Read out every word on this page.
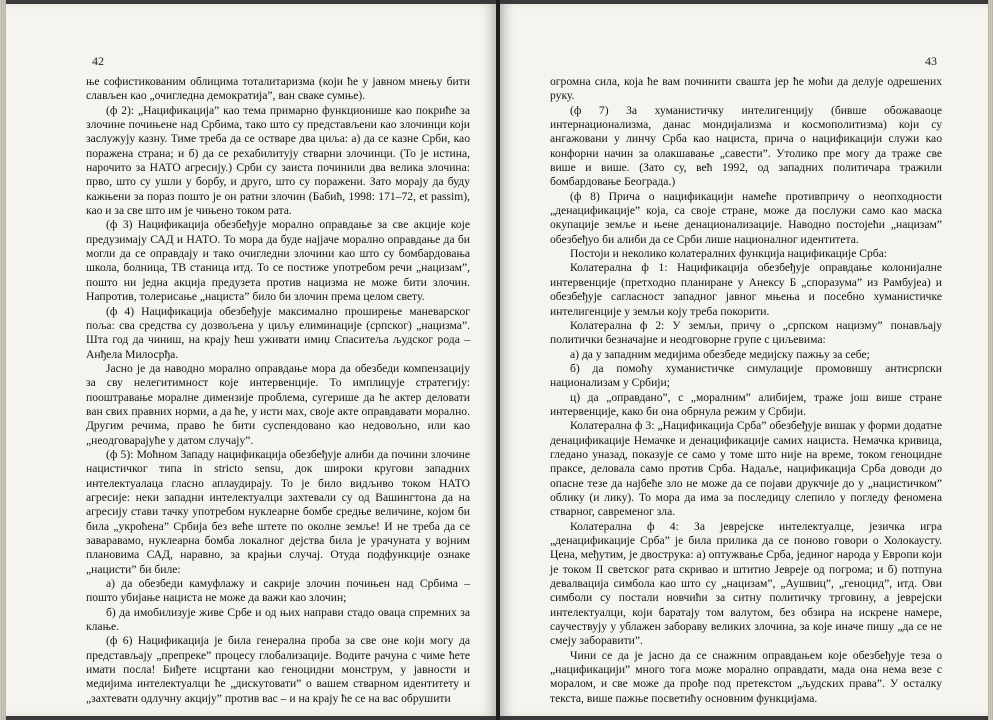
42

ње софистикованим облицима тоталитаризма (који ће у јавном мнењу бити слављен као „очигледна демократија”, ван сваке сумње).

(ф 2): „Нацификација” као тема примарно функционише као покриће за злочине почињене над Србима, тако што су представљени као злочинци који заслужују казну. Тиме треба да се остваре два циља: а) да се казне Срби, као поражена страна; и б) да се рехабилитују стварни злочинци. (То је истина, нарочито за НАТО агресију.) Срби су заиста починили два велика злочина: прво, што су ушли у борбу, и друго, што су поражени. Зато морају да буду кажњени за пораз пошто је он ратни злочин (Бабић, 1998: 171–72, et passim), као и за све што им је чињено током рата.

(ф 3) Нацификација обезбеђује морално оправдање за све акције које предузимају САД и НАТО. То мора да буде најјаче морално оправдање да би могли да се оправдају и тако очигледни злочини као што су бомбардовања школа, болница, ТВ станица итд. То се постиже употребом речи „нацизам”, пошто ни једна акција предузета против нацизма не може бити злочин. Напротив, толерисање „нациста” било би злочин према целом свету.

(ф 4) Нацификација обезбеђује максимално проширење маневарског поља: сва средства су дозвољена у циљу елиминације (српског) „нацизма”. Шта год да чиниш, на крају ћеш уживати имиџ Спаситеља људског рода – Анђела Милосрђа.

Јасно је да наводно морално оправдање мора да обезбеди компензацију за сву нелегитимност које интервенције. То имплицује стратегију: пооштравање моралне димензије проблема, сугерише да ће актер деловати ван свих правних норми, а да ће, у исти мах, своје акте оправдавати морално. Другим речима, право ће бити суспендовано као недовољно, или као „неодговарајуће у датом случају”.

(ф 5): Моћном Западу нацификација обезбеђује алиби да почини злочине нацистичког типа in stricto sensu, док широки кругови западних интелектуалаца гласно аплаудирају. То је било видљиво током НАТО агресије: неки западни интелектуалци захтевали су од Вашингтона да на агресију стави тачку употребом нуклеарне бомбе средње величине, којом би била „укроћена” Србија без веће штете по околне земље! И не треба да се заваравамо, нуклеарна бомба локалног дејства била је урачуната у војним плановима САД, наравно, за крајњи случај. Отуда подфункције ознаке „нацисти” би биле:

а) да обезбеди камуфлажу и сакрије злочин почињен над Србима – пошто убијање нациста не може да важи као злочин;

б) да имобилизује живе Србе и од њих направи стадо оваца спремних за клање.

(ф 6) Нацификација је била генерална проба за све оне који могу да представљају „препреке” процесу глобализације. Водите рачуна с чиме ћете имати посла! Биђете исцртани као геноцидни монструм, у јавности и медијима интелектуалци ће „дискутовати” о вашем стварном идентитету и „захтевати одлучну акцију” против вас – и на крају ће се на вас обрушити

43

огромна сила, која ће вам починити свашта јер ће моћи да делује одрешених руку.

(ф 7) За хуманистичку интелигенцију (бивше обожаваоце интернационализма, данас мондијализма и космополитизма) који су ангажовани у линчу Срба као нациста, прича о нацификацији служи као конфорни начин за олакшавање „савести”. Утолико пре могу да траже све више и више. (Зато су, већ 1992, од западних политичара тражили бомбардовање Београда.)

(ф 8) Прича о нацификацији намеће противпричу о неопходности „денацификације” која, са своје стране, може да послужи само као маска окупације земље и њене денационализације. Наводно постојећи „нацизам” обезбеђуо би алиби да се Срби лише националног идентитета.

Постоји и неколико колатералних функција нацификације Срба:

Колатерална ф 1: Нацификација обезбеђује оправдање колонијалне интервенције (претходно планиране у Анексу Б „споразума” из Рамбујеа) и обезбеђује сагласност западног јавног мњења и посебно хуманистичке интелигенције у земљи коју треба покорити.

Колатерална ф 2: У земљи, причу о „српском нацизму” понављају политички безначајне и неодговорне групе с циљевима:

а) да у западним медијима обезбеде медијску пажњу за себе;

б) да помоћу хуманистичке симулације промовишу антисрпски национализам у Србији;

ц) да „оправдано”, с „моралним” алибијем, траже још више стране интервенције, како би она обрнула режим у Србији.

Колатерална ф 3: „Нацификација Срба” обезбеђује вишак у форми додатне денацификације Немачке и денацификације самих нациста. Немачка кривица, гледано уназад, показује се само у томе што није на време, током геноцидне праксе, деловала само против Срба. Надаље, нацификација Срба доводи до опасне тезе да најбеће зло не може да се појави друкчије до у „нацистичком” облику (и лику). То мора да има за последицу слепило у погледу феномена стварног, савременог зла.

Колатерална ф 4: За јеврејске интелектуалце, језичка игра „денацификације Срба” је била прилика да се поново говори о Холокаусту. Цена, међутим, је двострука: а) оптужвање Срба, јединог народа у Европи који је током II светског рата скривао и штитио Јевреје од погрома; и б) потпуна девалвација симбола као што су „нацизам”, „Аушвиц”, „геноцид”, итд. Ови симболи су постали новчићи за ситну политичку трговину, а јеврејски интелектуалци, који баратају том валутом, без обзира на искрене намере, саучествују у ублажен забораву великих злочина, за које иначе пишу „да се не смеју заборавити”.

Чини се да је јасно да се снажним оправдањем које обезбеђује теза о „нацификацији” много тога може морално оправдати, мада она нема везе с моралом, и све може да прође под претекстом „људских права”. У осталку текста, више пажње посветићу основним функцијама.
